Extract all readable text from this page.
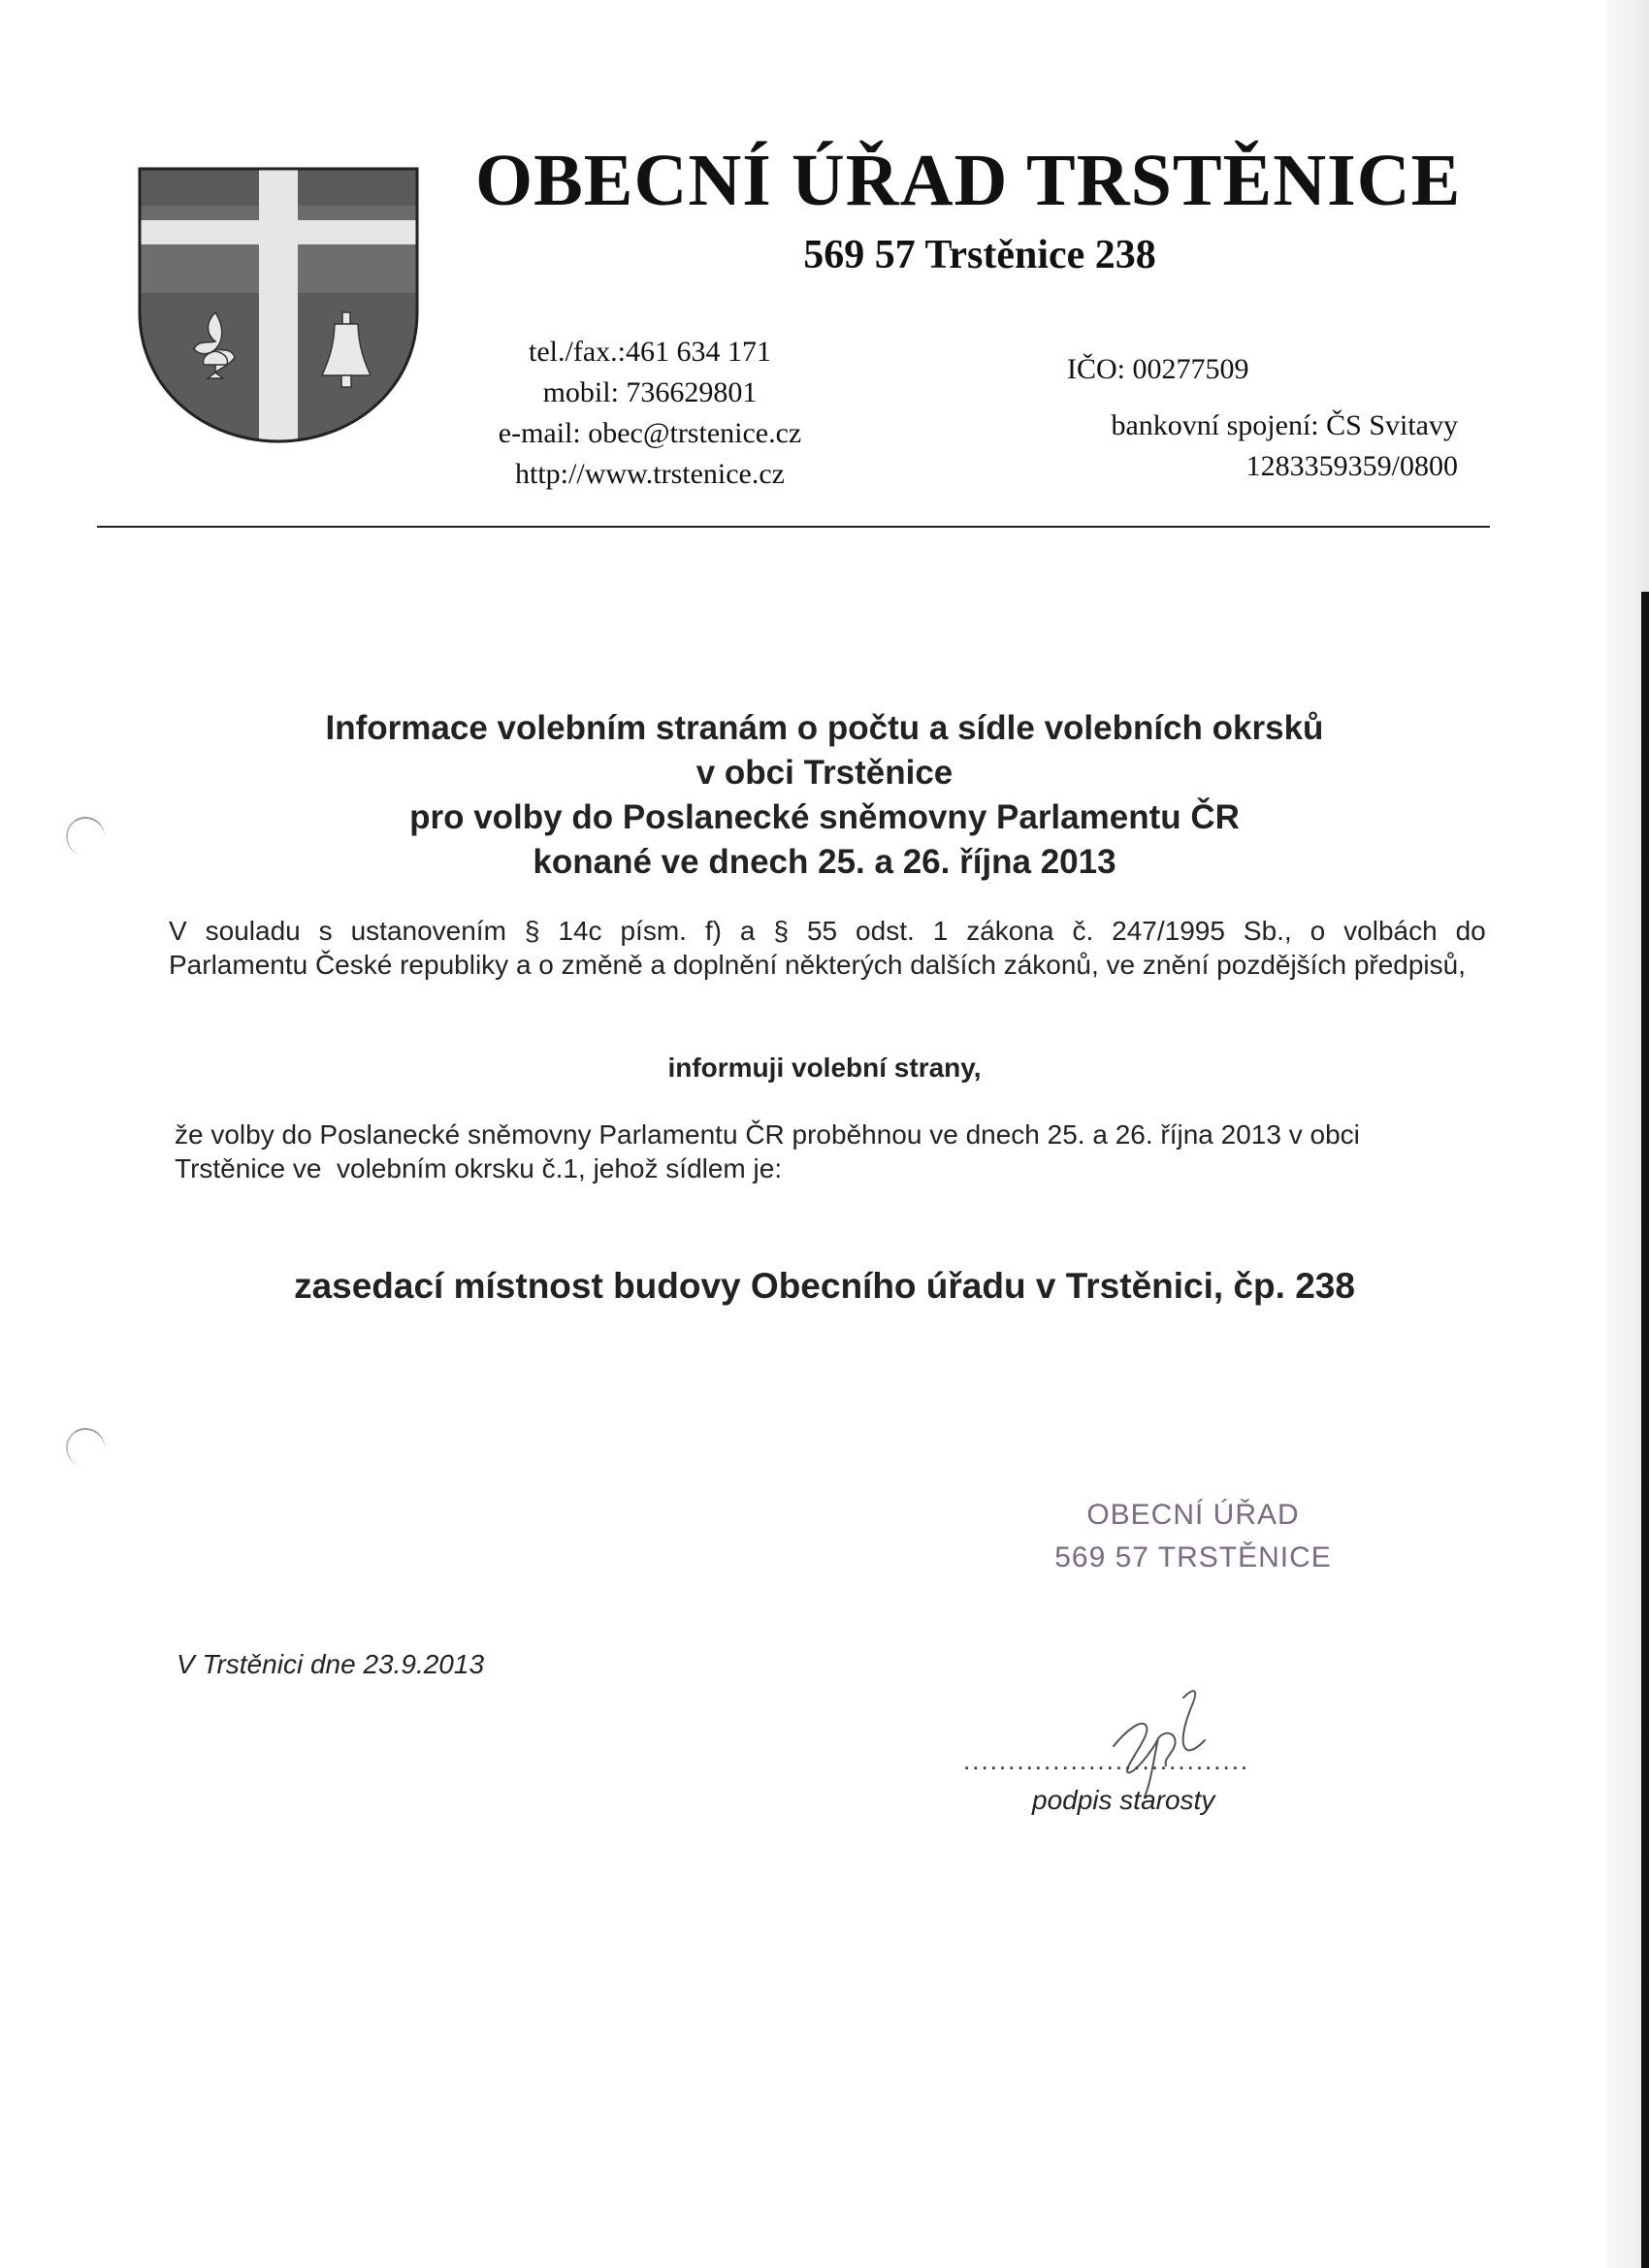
OBECNÍ ÚŘAD TRSTĚNICE
569 57 Trstěnice 238
tel./fax.:461 634 171
mobil: 736629801
e-mail: obec@trstenice.cz
http://www.trstenice.cz
IČO: 00277509
bankovní spojení: ČS Svitavy
1283359359/0800
Informace volebním stranám o počtu a sídle volebních okrsků
v obci Trstěnice
pro volby do Poslanecké sněmovny Parlamentu ČR
konané ve dnech 25. a 26. října 2013
V souladu s ustanovením § 14c písm. f) a § 55 odst. 1 zákona č. 247/1995 Sb., o volbách do
Parlamentu České republiky a o změně a doplnění některých dalších zákonů, ve znění pozdějších předpisů,
informuji volební strany,
že volby do Poslanecké sněmovny Parlamentu ČR proběhnou ve dnech 25. a 26. října 2013 v obci
Trstěnice ve  volebním okrsku č.1, jehož sídlem je:
zasedací místnost budovy Obecního úřadu v Trstěnici, čp. 238
OBECNÍ ÚŘAD
569 57 TRSTĚNICE
V Trstěnici dne 23.9.2013
................................
podpis starosty
